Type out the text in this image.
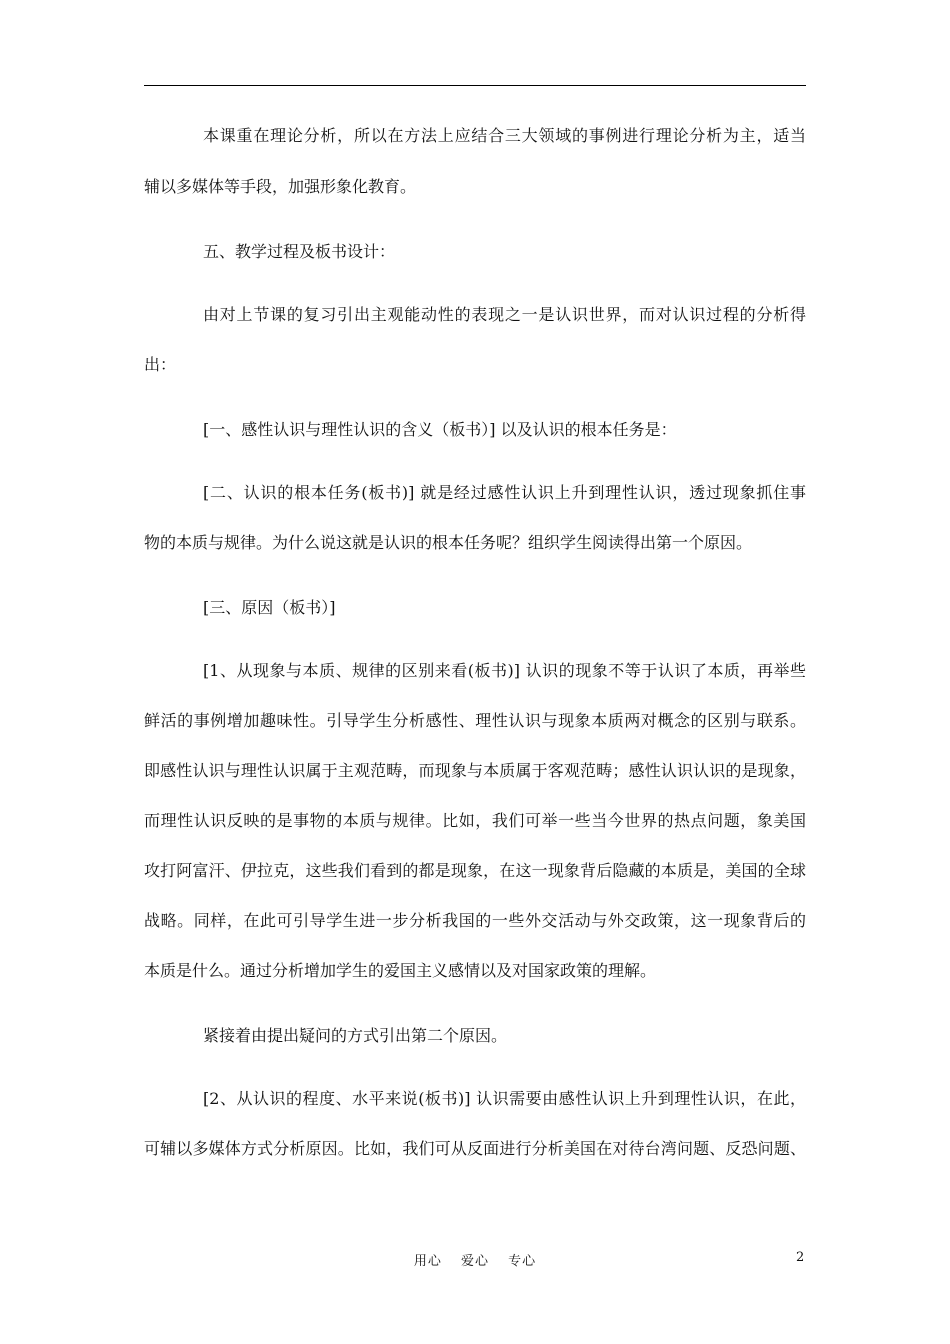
本课重在理论分析，所以在方法上应结合三大领域的事例进行理论分析为主，适当
辅以多媒体等手段，加强形象化教育。
五、教学过程及板书设计：
由对上节课的复习引出主观能动性的表现之一是认识世界，而对认识过程的分析得
出：
[一、感性认识与理性认识的含义（板书）] 以及认识的根本任务是：
[二、认识的根本任务(板书)] 就是经过感性认识上升到理性认识，透过现象抓住事
物的本质与规律。为什么说这就是认识的根本任务呢？组织学生阅读得出第一个原因。
[三、原因（板书）]
[1、从现象与本质、规律的区别来看(板书)] 认识的现象不等于认识了本质，再举些
鲜活的事例增加趣味性。引导学生分析感性、理性认识与现象本质两对概念的区别与联系。
即感性认识与理性认识属于主观范畴，而现象与本质属于客观范畴；感性认识认识的是现象，
而理性认识反映的是事物的本质与规律。比如，我们可举一些当今世界的热点问题，象美国
攻打阿富汗、伊拉克，这些我们看到的都是现象，在这一现象背后隐藏的本质是，美国的全球
战略。同样，在此可引导学生进一步分析我国的一些外交活动与外交政策，这一现象背后的
本质是什么。通过分析增加学生的爱国主义感情以及对国家政策的理解。
紧接着由提出疑问的方式引出第二个原因。
[2、从认识的程度、水平来说(板书)] 认识需要由感性认识上升到理性认识，在此，
可辅以多媒体方式分析原因。比如，我们可从反面进行分析美国在对待台湾问题、反恐问题、
用心 爱心 专心	2
